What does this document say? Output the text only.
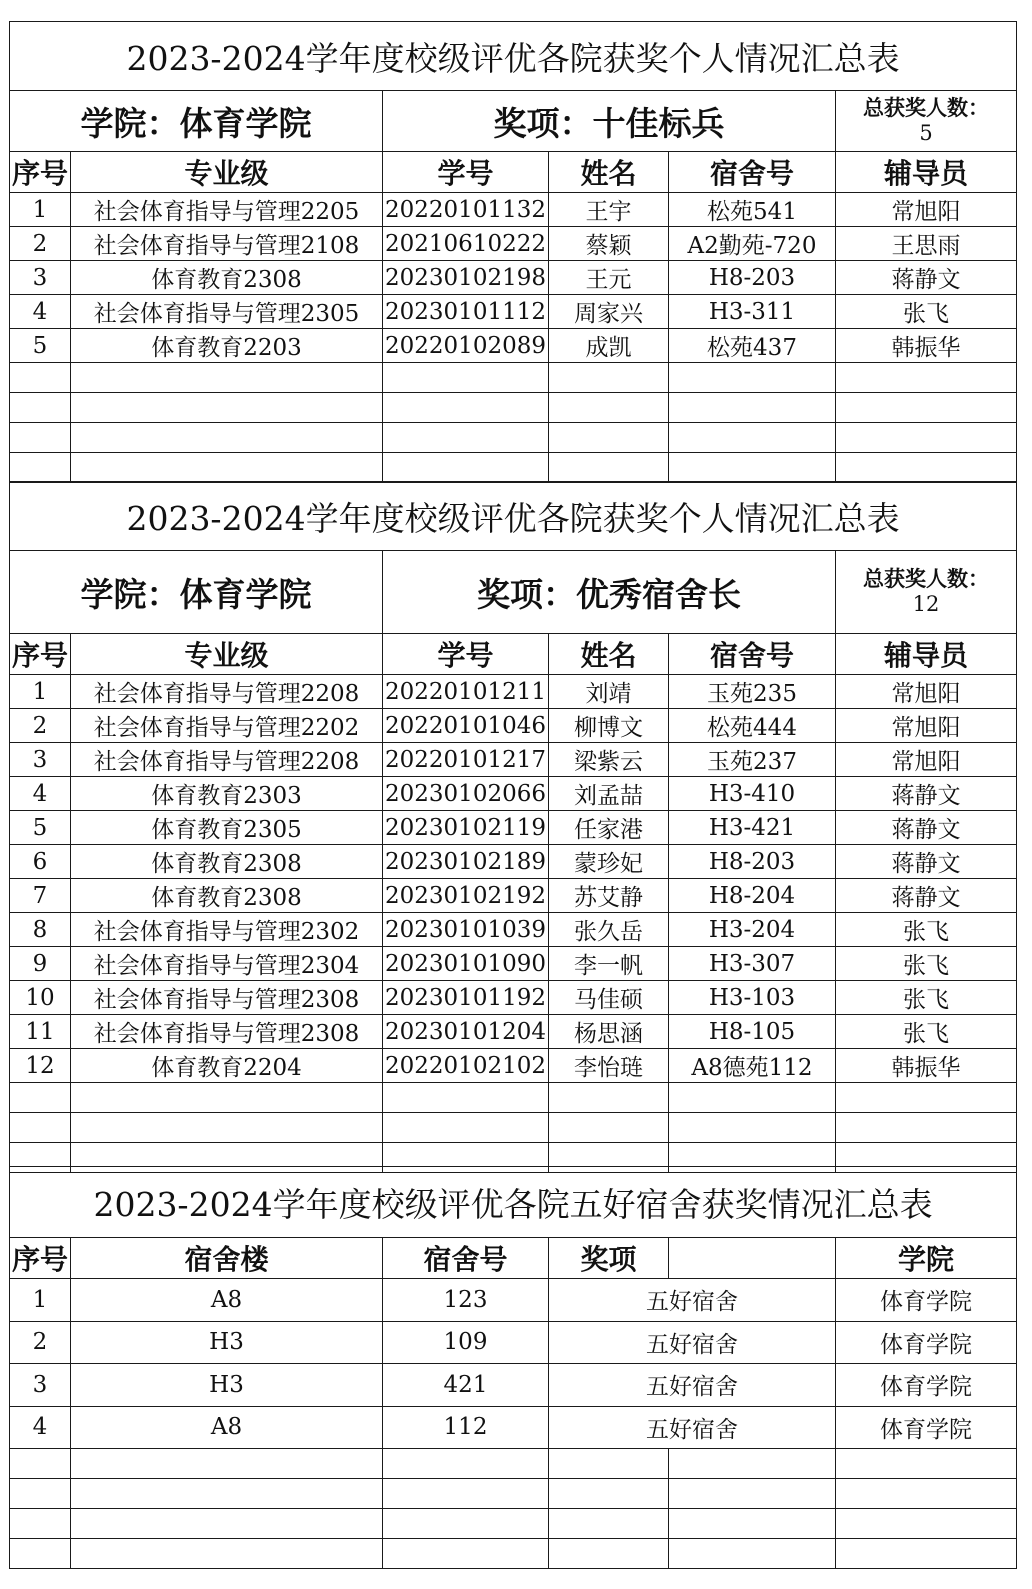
2023-2024学年度校级评优各院获奖个人情况汇总表					
学院：体育学院		奖项：十佳标兵			总获奖人数：
5
序号	专业级	学号	姓名	宿舍号	辅导员
1	社会体育指导与管理2205	20220101132	王宇	松苑541	常旭阳
2	社会体育指导与管理2108	20210610222	蔡颖	A2勤苑-720	王思雨
3	体育教育2308	20230102198	王元	H8-203	蒋静文
4	社会体育指导与管理2305	20230101112	周家兴	H3-311	张飞
5	体育教育2203	20220102089	成凯	松苑437	韩振华

2023-2024学年度校级评优各院获奖个人情况汇总表					
学院：体育学院		奖项：优秀宿舍长			总获奖人数：
12
序号	专业级	学号	姓名	宿舍号	辅导员
1	社会体育指导与管理2208	20220101211	刘靖	玉苑235	常旭阳
2	社会体育指导与管理2202	20220101046	柳博文	松苑444	常旭阳
3	社会体育指导与管理2208	20220101217	梁紫云	玉苑237	常旭阳
4	体育教育2303	20230102066	刘孟喆	H3-410	蒋静文
5	体育教育2305	20230102119	任家港	H3-421	蒋静文
6	体育教育2308	20230102189	蒙珍妃	H8-203	蒋静文
7	体育教育2308	20230102192	苏艾静	H8-204	蒋静文
8	社会体育指导与管理2302	20230101039	张久岳	H3-204	张飞
9	社会体育指导与管理2304	20230101090	李一帆	H3-307	张飞
10	社会体育指导与管理2308	20230101192	马佳硕	H3-103	张飞
11	社会体育指导与管理2308	20230101204	杨思涵	H8-105	张飞
12	体育教育2204	20220102102	李怡琏	A8德苑112	韩振华

2023-2024学年度校级评优各院五好宿舍获奖情况汇总表					
序号	宿舍楼	宿舍号	奖项		学院
1	A8	123	五好宿舍		体育学院
2	H3	109	五好宿舍		体育学院
3	H3	421	五好宿舍		体育学院
4	A8	112	五好宿舍		体育学院
